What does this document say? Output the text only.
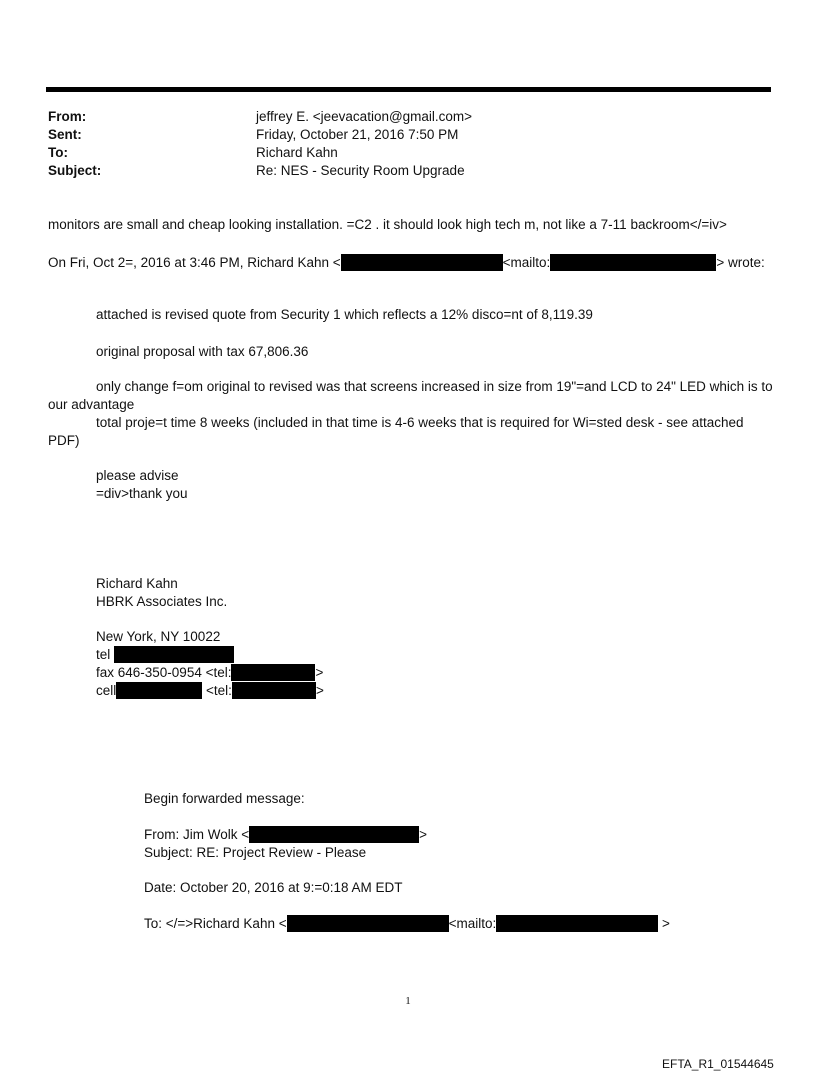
From:	jeffrey E. <jeevacation@gmail.com>
Sent:	Friday, October 21, 2016 7:50 PM
To:	Richard Kahn
Subject:	Re: NES - Security Room Upgrade
monitors are small and cheap looking installation. =C2 . it should look high tech m, not like a 7-11 backroom</=iv>
On Fri, Oct 2=, 2016 at 3:46 PM, Richard Kahn <	<mailto:	> wrote:
attached is revised quote from Security 1 which reflects a 12% disco=nt of 8,119.39
original proposal with tax 67,806.36
only change f=om original to revised was that screens increased in size from 19"=and LCD to 24" LED which is to
our advantage
total proje=t time 8 weeks (included in that time is 4-6 weeks that is required for Wi=sted desk - see attached
PDF)
please advise
=div>thank you
Richard Kahn
HBRK Associates Inc.
New York, NY 10022
tel
fax 646-350-0954 <tel:	>
cell	<tel:	>
Begin forwarded message:
From: Jim Wolk <	>
Subject: RE: Project Review - Please
Date: October 20, 2016 at 9:=0:18 AM EDT
To: </=>Richard Kahn <	<mailto:	>
1
EFTA_R1_01544645
